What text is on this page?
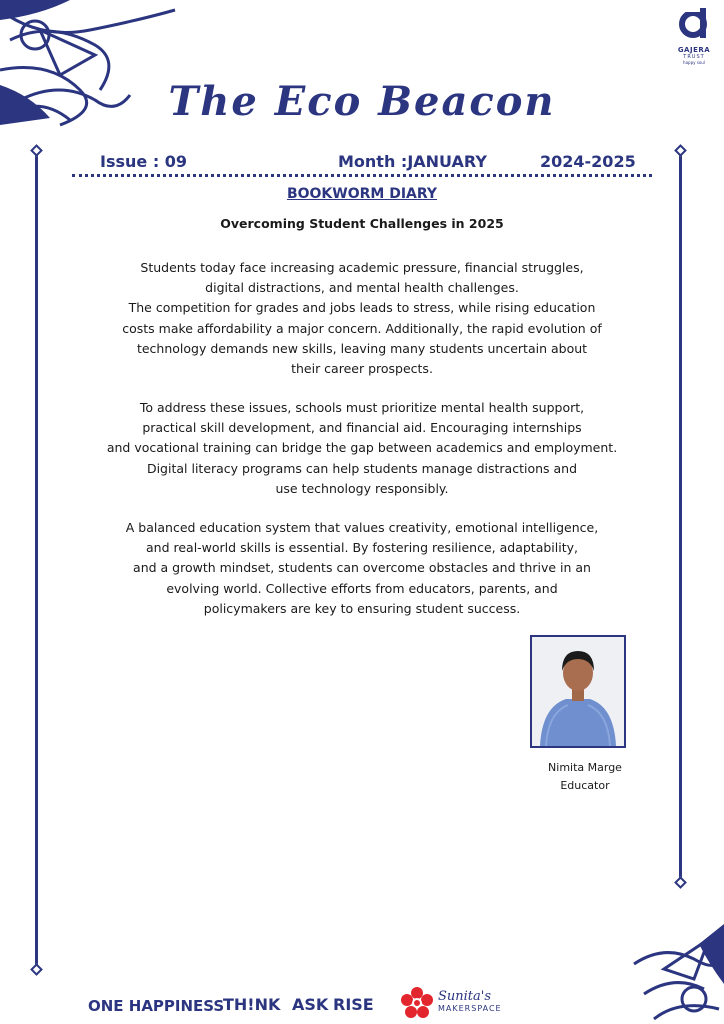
GAJERA
TRUST
happy soul
The Eco Beacon
Issue : 09	Month :JANUARY	2024-2025
BOOKWORM DIARY
Overcoming Student Challenges in 2025
Students today face increasing academic pressure, financial struggles,
digital distractions, and mental health challenges.
The competition for grades and jobs leads to stress, while rising education
costs make affordability a major concern. Additionally, the rapid evolution of
technology demands new skills, leaving many students uncertain about
their career prospects.
To address these issues, schools must prioritize mental health support,
practical skill development, and financial aid. Encouraging internships
and vocational training can bridge the gap between academics and employment.
Digital literacy programs can help students manage distractions and
use technology responsibly.
A balanced education system that values creativity, emotional intelligence,
and real-world skills is essential. By fostering resilience, adaptability,
and a growth mindset, students can overcome obstacles and thrive in an
evolving world. Collective efforts from educators, parents, and
policymakers are key to ensuring student success.
Nimita Marge
Educator
ONE HAPPINESS
TH!NK ASK RISE	Sunita's
MAKERSPACE
